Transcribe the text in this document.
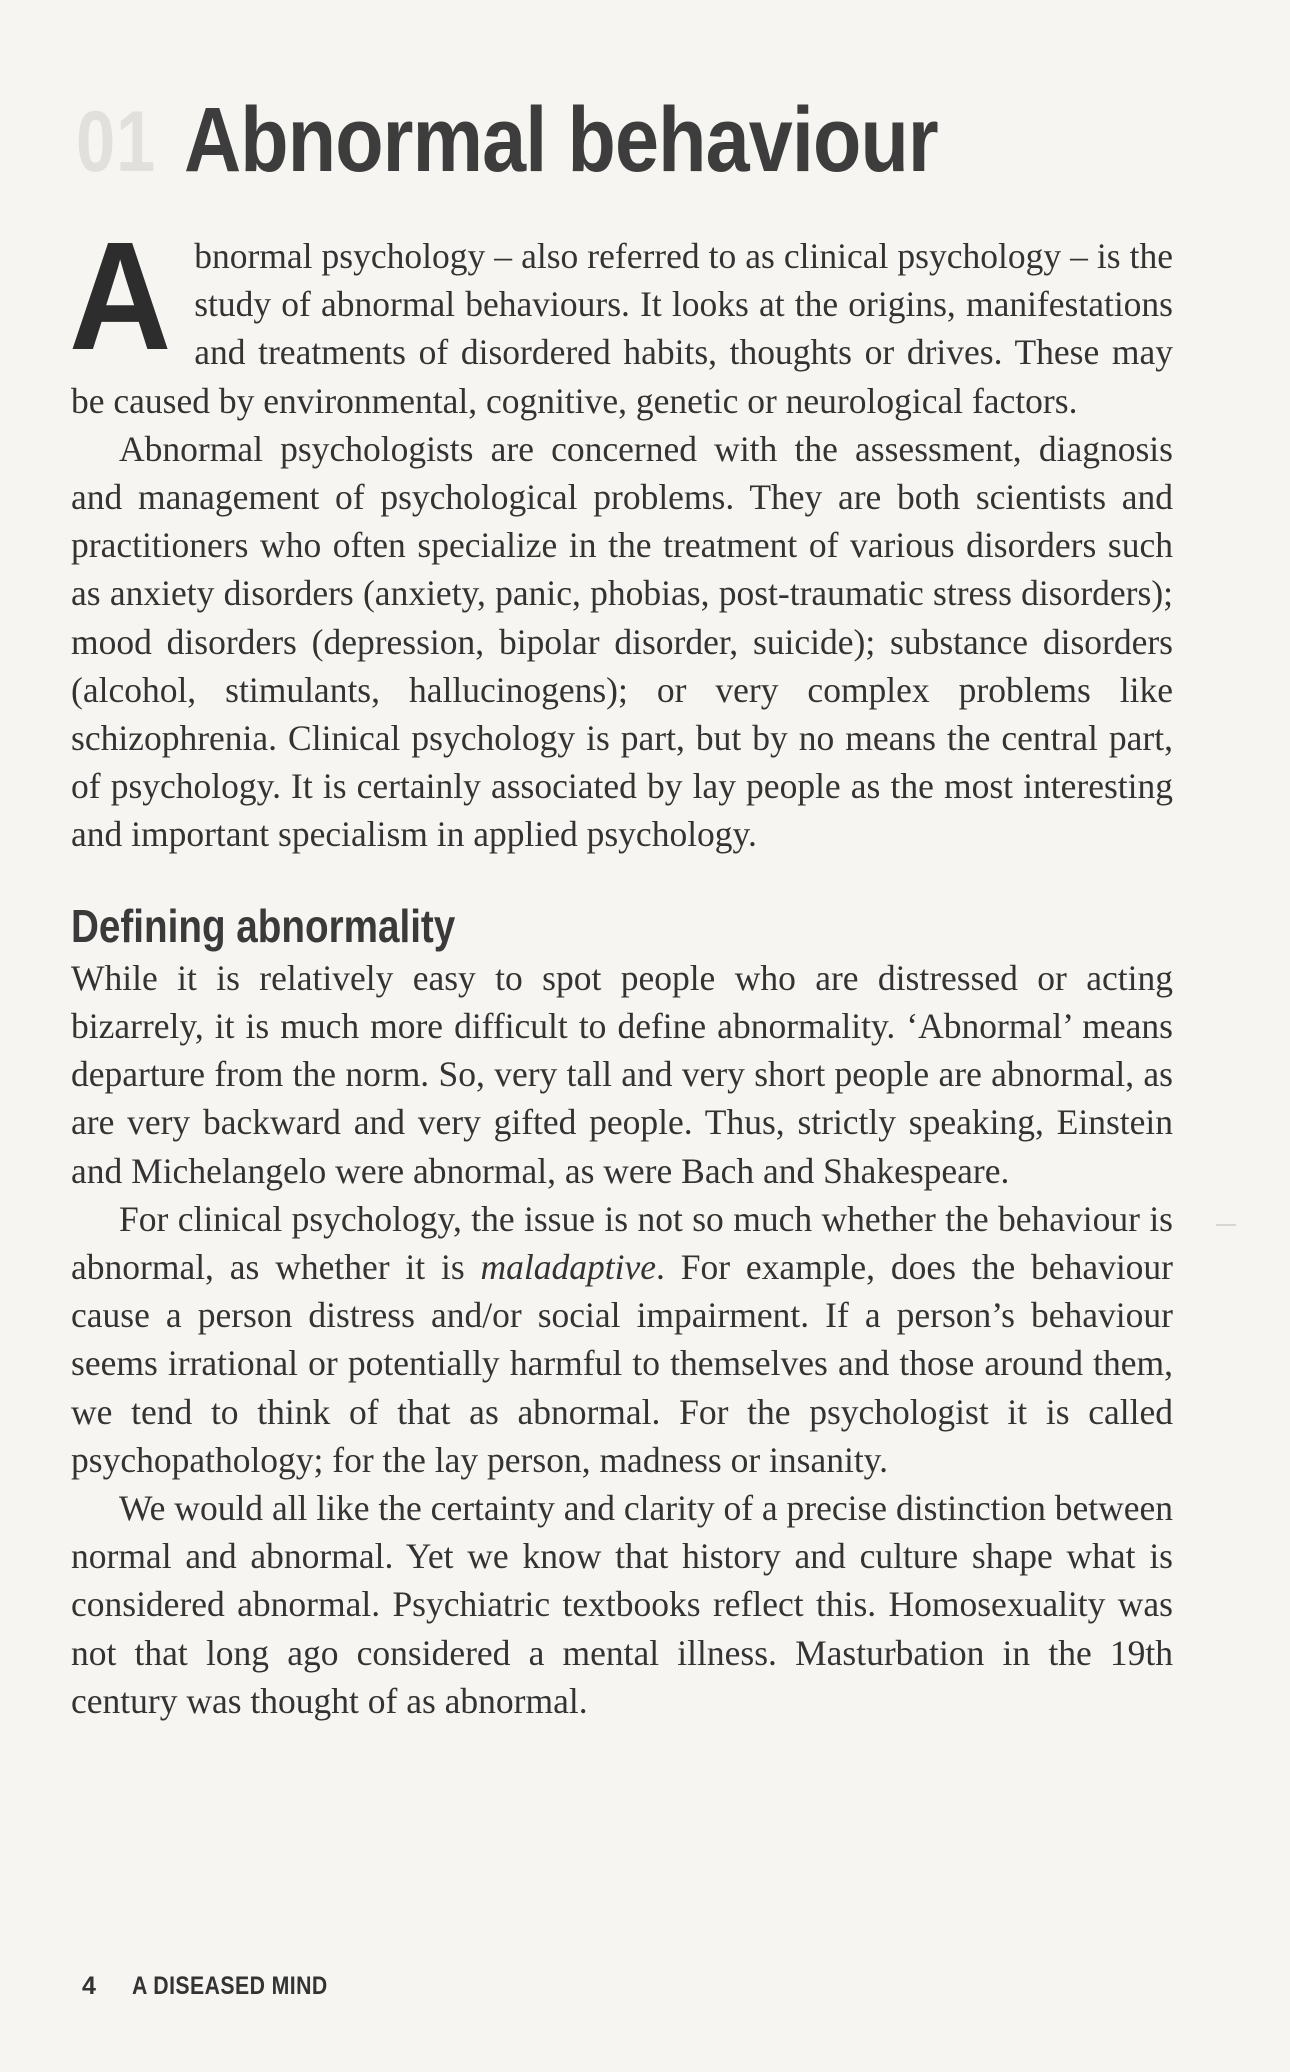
01 Abnormal behaviour

Abnormal psychology – also referred to as clinical psychology – is the study of abnormal behaviours. It looks at the origins, manifestations and treatments of disordered habits, thoughts or drives. These may be caused by environmental, cognitive, genetic or neurological factors.

Abnormal psychologists are concerned with the assessment, diagnosis and management of psychological problems. They are both scientists and practitioners who often specialize in the treatment of various disorders such as anxiety disorders (anxiety, panic, phobias, post-traumatic stress disorders); mood disorders (depression, bipolar disorder, suicide); substance disorders (alcohol, stimulants, hallucinogens); or very complex problems like schizophrenia. Clinical psychology is part, but by no means the central part, of psychology. It is certainly associated by lay people as the most interesting and important specialism in applied psychology.

Defining abnormality

While it is relatively easy to spot people who are distressed or acting bizarrely, it is much more difficult to define abnormality. ‘Abnormal’ means departure from the norm. So, very tall and very short people are abnormal, as are very backward and very gifted people. Thus, strictly speaking, Einstein and Michelangelo were abnormal, as were Bach and Shakespeare.

For clinical psychology, the issue is not so much whether the behaviour is abnormal, as whether it is maladaptive. For example, does the behaviour cause a person distress and/or social impairment. If a person’s behaviour seems irrational or potentially harmful to themselves and those around them, we tend to think of that as abnormal. For the psychologist it is called psychopathology; for the lay person, madness or insanity.

We would all like the certainty and clarity of a precise distinction between normal and abnormal. Yet we know that history and culture shape what is considered abnormal. Psychiatric textbooks reflect this. Homosexuality was not that long ago considered a mental illness. Masturbation in the 19th century was thought of as abnormal.

4 A DISEASED MIND
